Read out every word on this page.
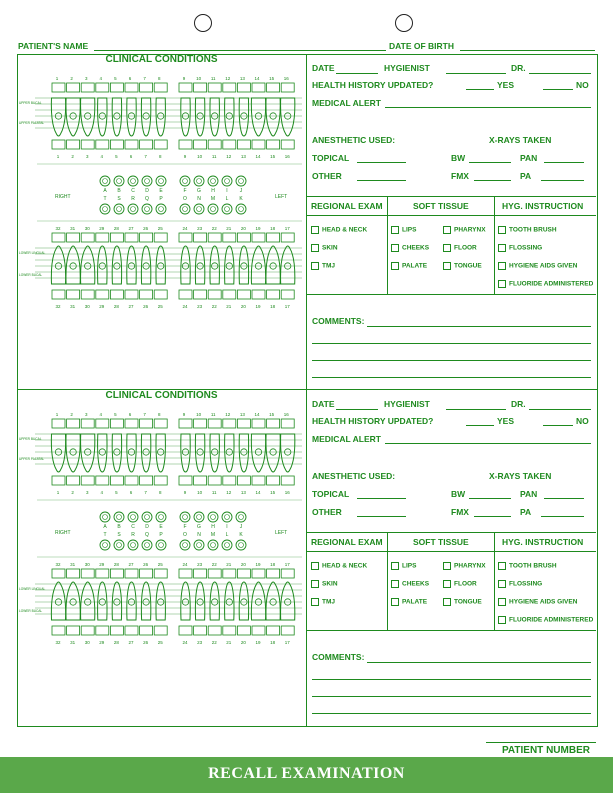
PATIENT'S NAME	DATE OF BIRTH
CLINICAL CONDITIONS
1	2	3	4	5	6	7	8	9 10 11 12 13 14 15 16
1	2	3	4	5	6	7	8	9 10 11 12 13 14 15 16
UPPER BUCAL
UPPER PALATAL
RIGHT	LEFT
A
T
B
S
C
R
D
Q
E
P
F
O
G
N
H
M
I
L
J
K
32 31 30 29 28 27 26 25	24 23 22 21 20 19 18 17
LOWER LINGUAL
LOWER BUCAL
32 31 30 29 28 27 26 25	24 23 22 21 20 19 18 17
DATE	HYGIENIST	DR.
HEALTH HISTORY UPDATED?	YES	NO
MEDICAL ALERT
ANESTHETIC USED:	X-RAYS TAKEN
TOPICAL	BW	PAN
OTHER	FMX	PA
REGIONAL EXAM	SOFT TISSUE	HYG. INSTRUCTION
HEAD & NECK
SKIN
TMJ
LIPS
CHEEKS
PALATE
PHARYNX
FLOOR
TONGUE
TOOTH BRUSH
FLOSSING
HYGIENE AIDS GIVEN
FLUORIDE ADMINISTERED
COMMENTS:
CLINICAL CONDITIONS
1	2	3	4	5	6	7	8	9 10 11 12 13 14 15 16
1	2	3	4	5	6	7	8	9 10 11 12 13 14 15 16
UPPER BUCAL
UPPER PALATAL
RIGHT	LEFT
A
T
B
S
C
R
D
Q
E
P
F
O
G
N
H
M
I
L
J
K
32 31 30 29 28 27 26 25	24 23 22 21 20 19 18 17
LOWER LINGUAL
LOWER BUCAL
32 31 30 29 28 27 26 25	24 23 22 21 20 19 18 17
DATE	HYGIENIST	DR.
HEALTH HISTORY UPDATED?	YES	NO
MEDICAL ALERT
ANESTHETIC USED:	X-RAYS TAKEN
TOPICAL	BW	PAN
OTHER	FMX	PA
REGIONAL EXAM	SOFT TISSUE	HYG. INSTRUCTION
HEAD & NECK
SKIN
TMJ
LIPS
CHEEKS
PALATE
PHARYNX
FLOOR
TONGUE
TOOTH BRUSH
FLOSSING
HYGIENE AIDS GIVEN
FLUORIDE ADMINISTERED
COMMENTS:
PATIENT NUMBER
RECALL EXAMINATION
